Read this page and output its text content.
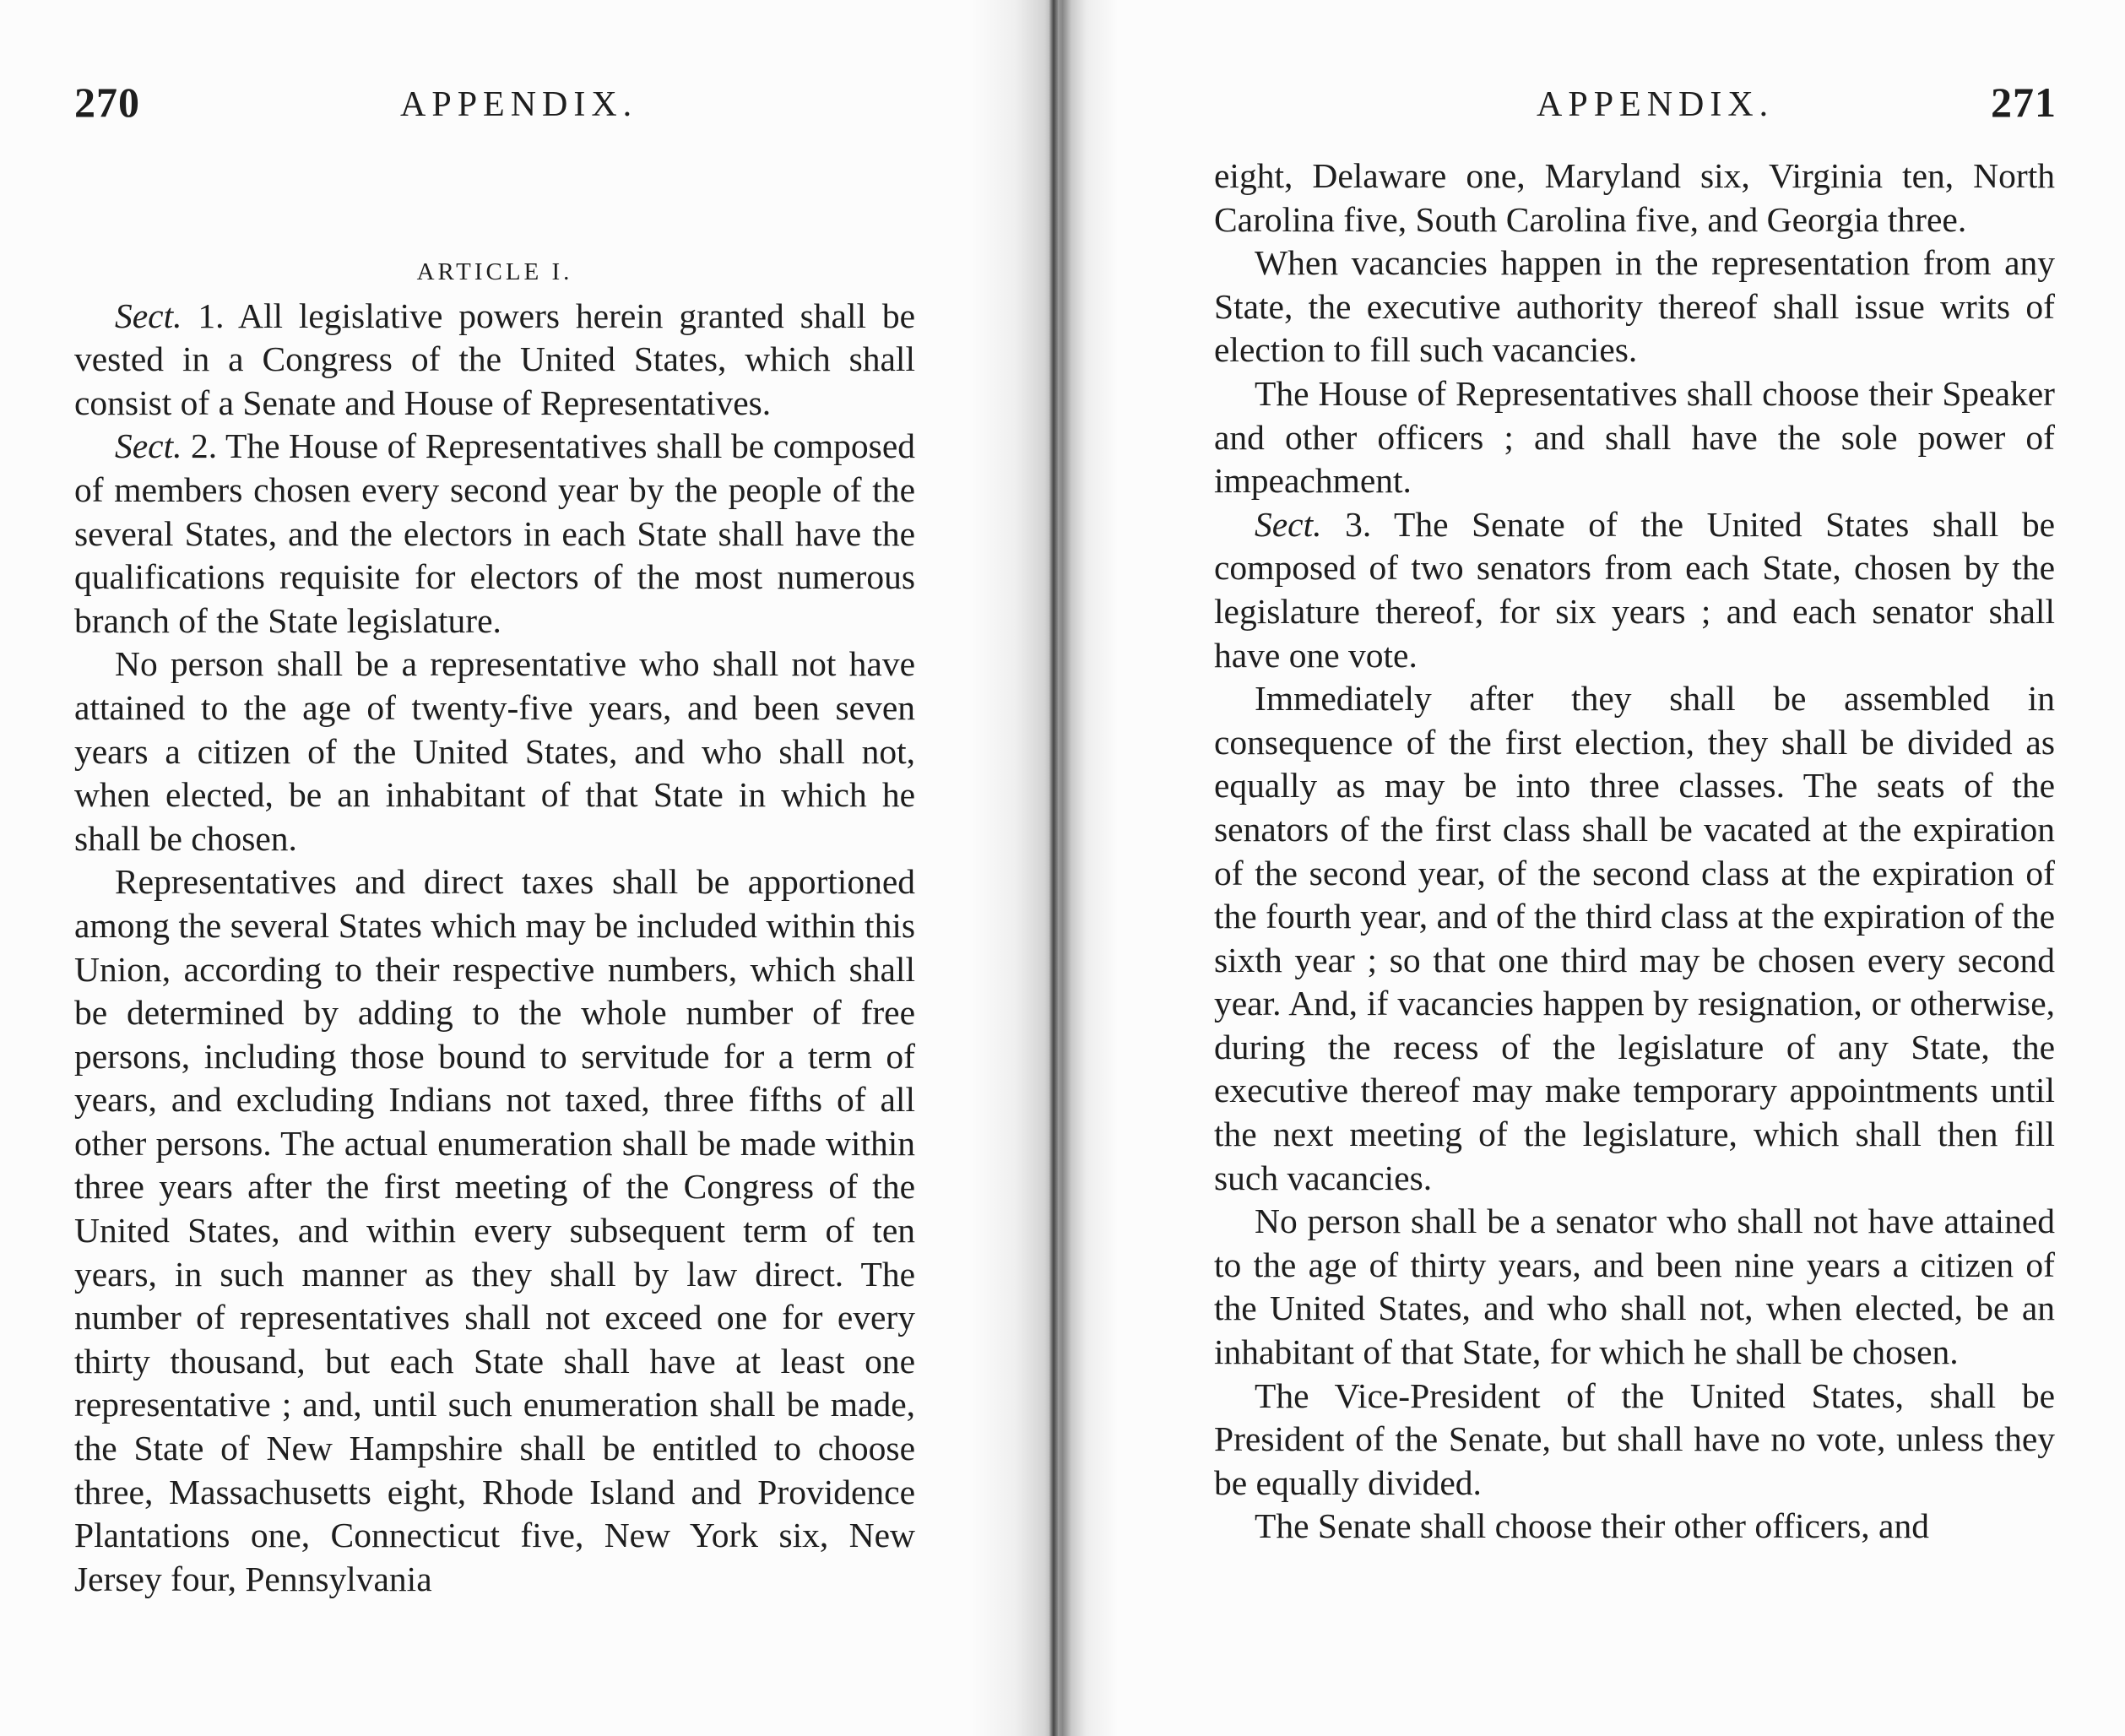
270	APPENDIX.
ARTICLE I.

Sect. 1. All legislative powers herein granted shall be vested in a Congress of the United States, which shall consist of a Senate and House of Representatives.

Sect. 2. The House of Representatives shall be composed of members chosen every second year by the people of the several States, and the electors in each State shall have the qualifications requisite for electors of the most numerous branch of the State legislature.

No person shall be a representative who shall not have attained to the age of twenty-five years, and been seven years a citizen of the United States, and who shall not, when elected, be an inhabitant of that State in which he shall be chosen.

Representatives and direct taxes shall be apportioned among the several States which may be included within this Union, according to their respective numbers, which shall be determined by adding to the whole number of free persons, including those bound to servitude for a term of years, and excluding Indians not taxed, three fifths of all other persons. The actual enumeration shall be made within three years after the first meeting of the Congress of the United States, and within every subsequent term of ten years, in such manner as they shall by law direct. The number of representatives shall not exceed one for every thirty thousand, but each State shall have at least one representative ; and, until such enumeration shall be made, the State of New Hampshire shall be entitled to choose three, Massachusetts eight, Rhode Island and Providence Plantations one, Connecticut five, New York six, New Jersey four, Pennsylvania

APPENDIX.	271

eight, Delaware one, Maryland six, Virginia ten, North Carolina five, South Carolina five, and Georgia three.

When vacancies happen in the representation from any State, the executive authority thereof shall issue writs of election to fill such vacancies.

The House of Representatives shall choose their Speaker and other officers ; and shall have the sole power of impeachment.

Sect. 3. The Senate of the United States shall be composed of two senators from each State, chosen by the legislature thereof, for six years ; and each senator shall have one vote.

Immediately after they shall be assembled in consequence of the first election, they shall be divided as equally as may be into three classes. The seats of the senators of the first class shall be vacated at the expiration of the second year, of the second class at the expiration of the fourth year, and of the third class at the expiration of the sixth year ; so that one third may be chosen every second year. And, if vacancies happen by resignation, or otherwise, during the recess of the legislature of any State, the executive thereof may make temporary appointments until the next meeting of the legislature, which shall then fill such vacancies.

No person shall be a senator who shall not have attained to the age of thirty years, and been nine years a citizen of the United States, and who shall not, when elected, be an inhabitant of that State, for which he shall be chosen.

The Vice-President of the United States, shall be President of the Senate, but shall have no vote, unless they be equally divided.

The Senate shall choose their other officers, and
